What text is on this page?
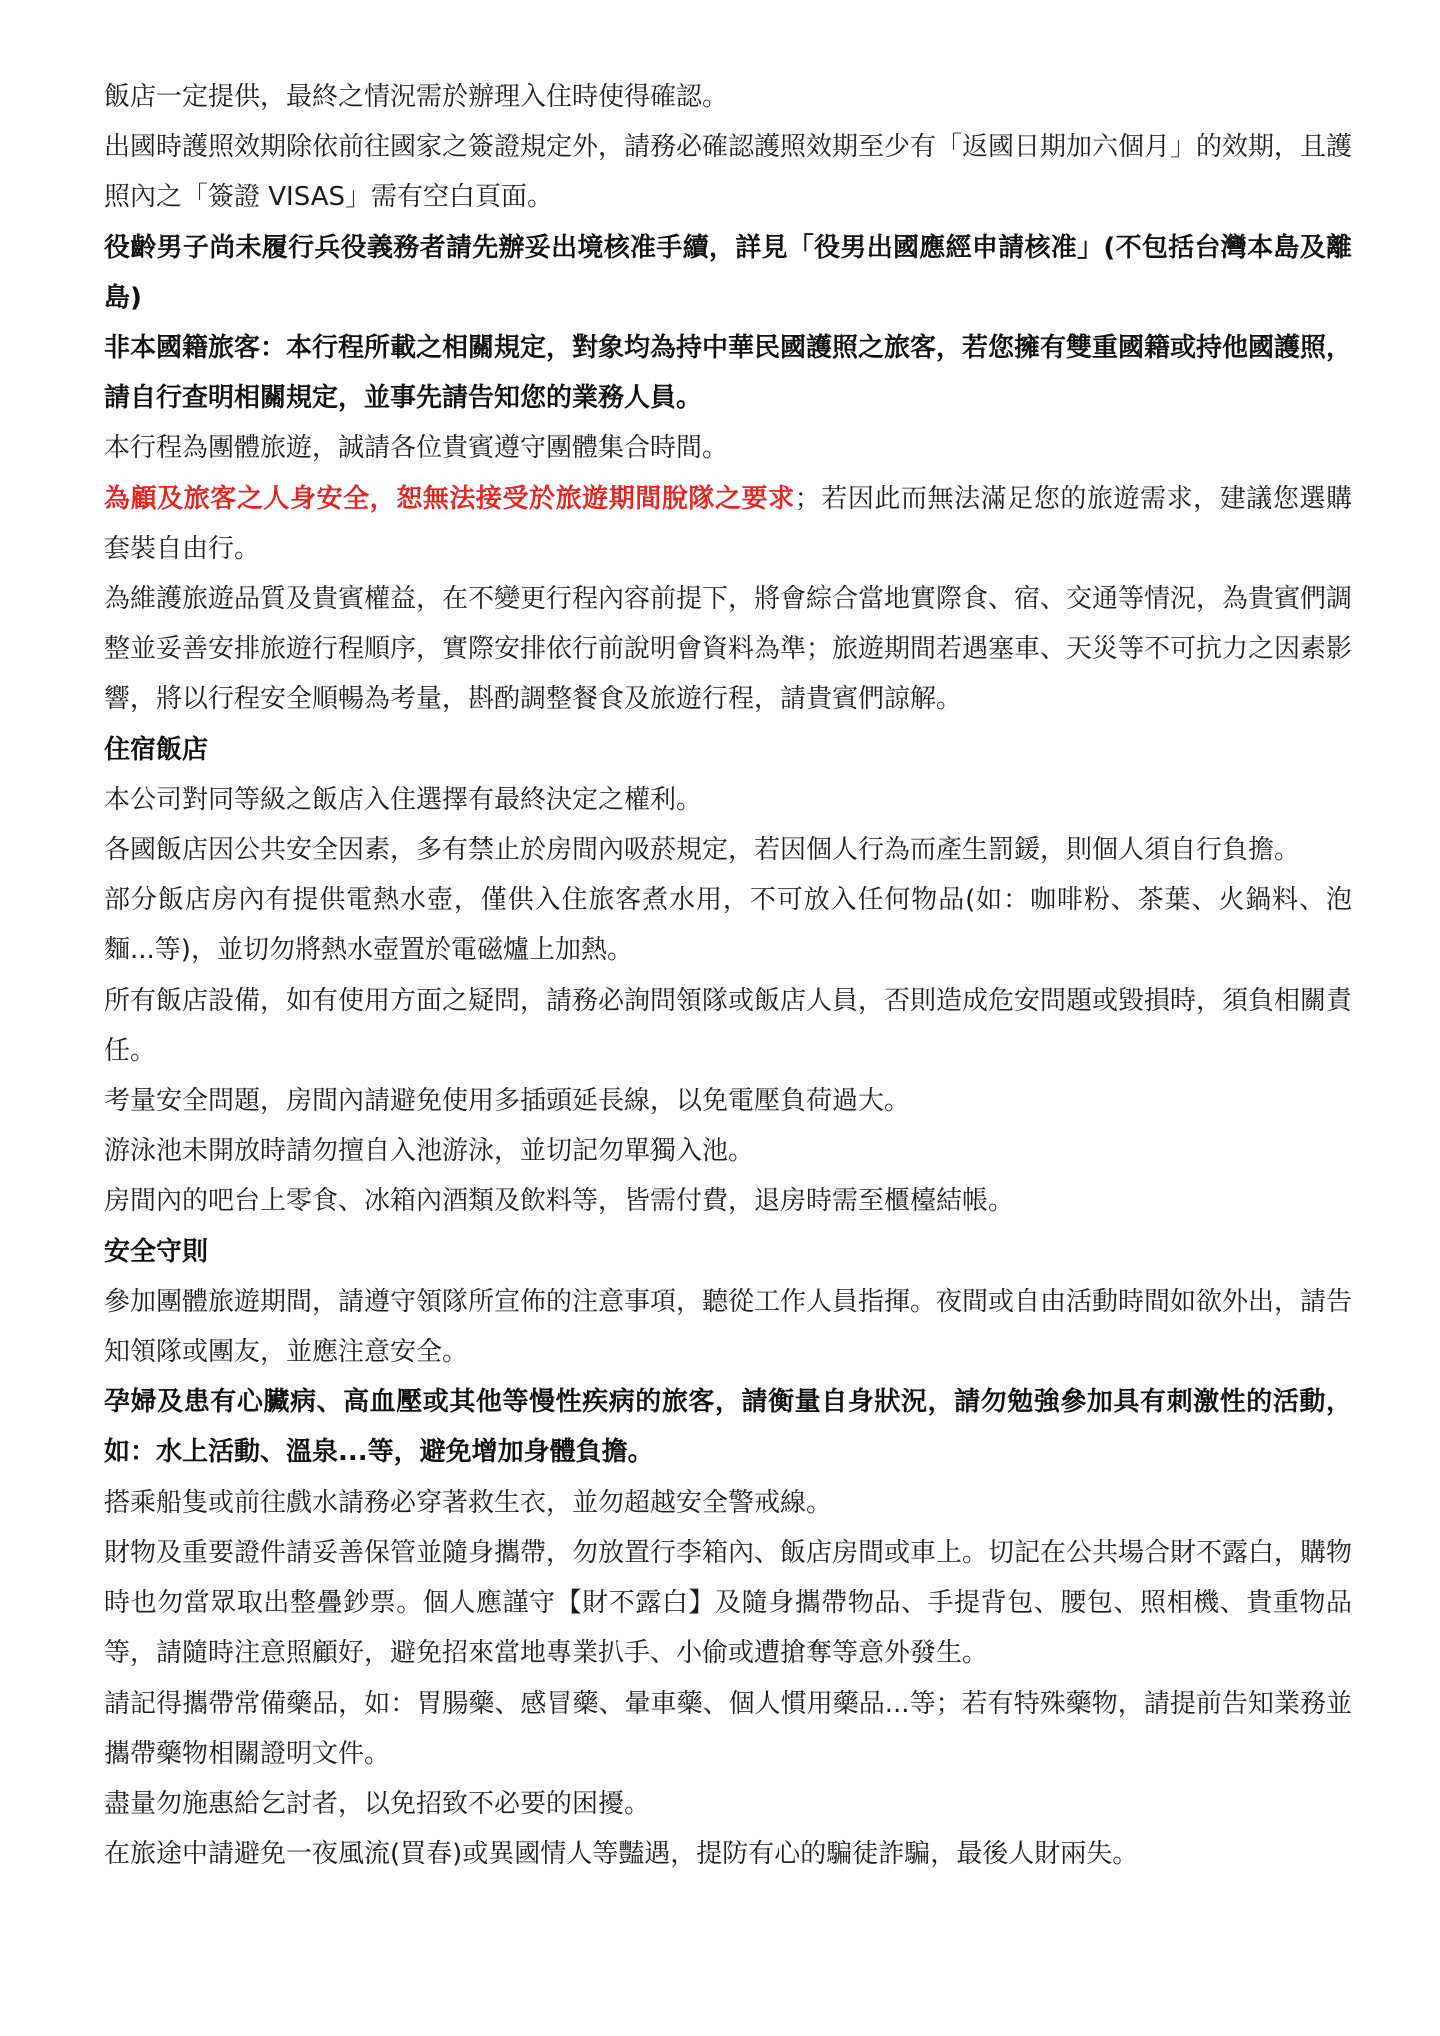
飯店一定提供，最終之情況需於辦理入住時使得確認。

出國時護照效期除依前往國家之簽證規定外，請務必確認護照效期至少有「返國日期加六個月」的效期，且護照內之「簽證 VISAS」需有空白頁面。

役齡男子尚未履行兵役義務者請先辦妥出境核准手續，詳見「役男出國應經申請核准」(不包括台灣本島及離島)

非本國籍旅客：本行程所載之相關規定，對象均為持中華民國護照之旅客，若您擁有雙重國籍或持他國護照，請自行查明相關規定，並事先請告知您的業務人員。

本行程為團體旅遊，誠請各位貴賓遵守團體集合時間。

為顧及旅客之人身安全，恕無法接受於旅遊期間脫隊之要求；若因此而無法滿足您的旅遊需求，建議您選購套裝自由行。

為維護旅遊品質及貴賓權益，在不變更行程內容前提下，將會綜合當地實際食、宿、交通等情況，為貴賓們調整並妥善安排旅遊行程順序，實際安排依行前說明會資料為準；旅遊期間若遇塞車、天災等不可抗力之因素影響，將以行程安全順暢為考量，斟酌調整餐食及旅遊行程，請貴賓們諒解。

住宿飯店

本公司對同等級之飯店入住選擇有最終決定之權利。

各國飯店因公共安全因素，多有禁止於房間內吸菸規定，若因個人行為而產生罰鍰，則個人須自行負擔。

部分飯店房內有提供電熱水壺，僅供入住旅客煮水用，不可放入任何物品(如：咖啡粉、茶葉、火鍋料、泡麵...等)，並切勿將熱水壺置於電磁爐上加熱。

所有飯店設備，如有使用方面之疑問，請務必詢問領隊或飯店人員，否則造成危安問題或毀損時，須負相關責任。

考量安全問題，房間內請避免使用多插頭延長線，以免電壓負荷過大。

游泳池未開放時請勿擅自入池游泳，並切記勿單獨入池。

房間內的吧台上零食、冰箱內酒類及飲料等，皆需付費，退房時需至櫃檯結帳。

安全守則

參加團體旅遊期間，請遵守領隊所宣佈的注意事項，聽從工作人員指揮。夜間或自由活動時間如欲外出，請告知領隊或團友，並應注意安全。

孕婦及患有心臟病、高血壓或其他等慢性疾病的旅客，請衡量自身狀況，請勿勉強參加具有刺激性的活動，如：水上活動、溫泉...等，避免增加身體負擔。

搭乘船隻或前往戲水請務必穿著救生衣，並勿超越安全警戒線。

財物及重要證件請妥善保管並隨身攜帶，勿放置行李箱內、飯店房間或車上。切記在公共場合財不露白，購物時也勿當眾取出整疊鈔票。個人應謹守【財不露白】及隨身攜帶物品、手提背包、腰包、照相機、貴重物品等，請隨時注意照顧好，避免招來當地專業扒手、小偷或遭搶奪等意外發生。

請記得攜帶常備藥品，如：胃腸藥、感冒藥、暈車藥、個人慣用藥品...等；若有特殊藥物，請提前告知業務並攜帶藥物相關證明文件。

盡量勿施惠給乞討者，以免招致不必要的困擾。

在旅途中請避免一夜風流(買春)或異國情人等豔遇，提防有心的騙徒詐騙，最後人財兩失。
